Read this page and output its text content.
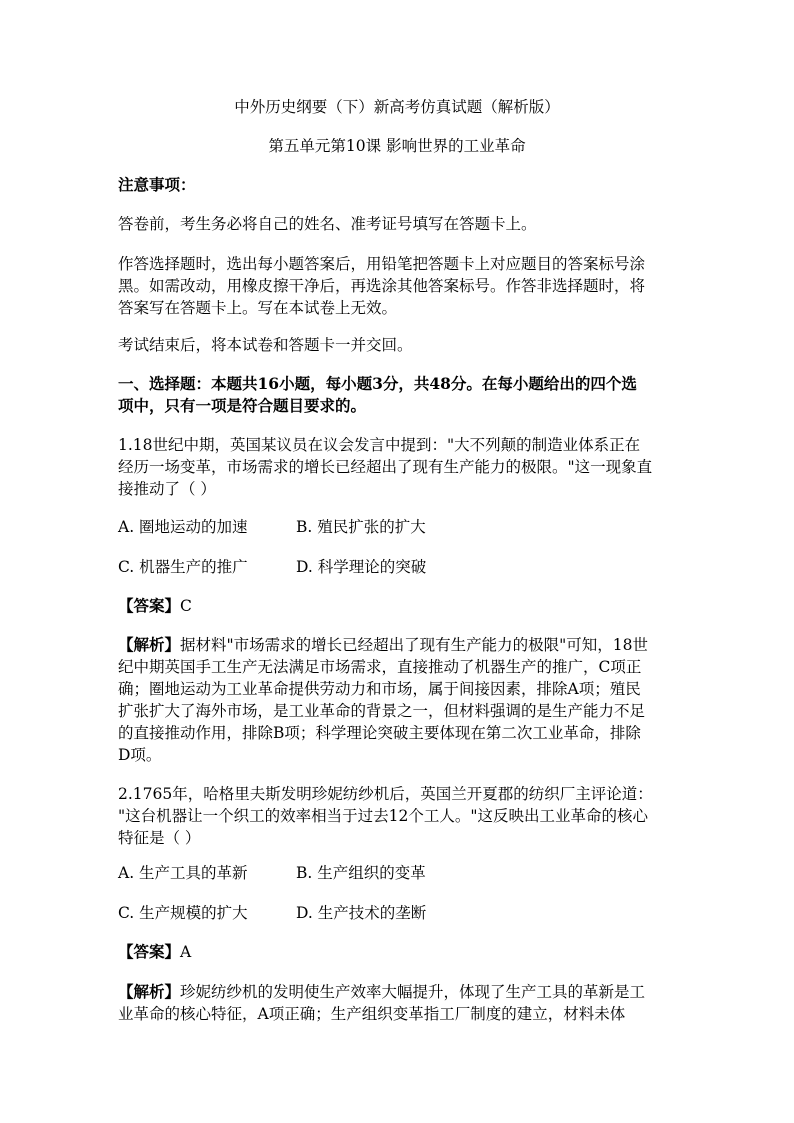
中外历史纲要（下）新高考仿真试题（解析版）
第五单元第10课 影响世界的工业革命
注意事项：
答卷前，考生务必将自己的姓名、准考证号填写在答题卡上。
作答选择题时，选出每小题答案后，用铅笔把答题卡上对应题目的答案标号涂
黑。如需改动，用橡皮擦干净后，再选涂其他答案标号。作答非选择题时，将
答案写在答题卡上。写在本试卷上无效。
考试结束后，将本试卷和答题卡一并交回。
一、选择题：本题共16小题，每小题3分，共48分。在每小题给出的四个选
项中，只有一项是符合题目要求的。
1.18世纪中期，英国某议员在议会发言中提到："大不列颠的制造业体系正在
经历一场变革，市场需求的增长已经超出了现有生产能力的极限。"这一现象直
接推动了（ ）
A. 圈地运动的加速	B. 殖民扩张的扩大
C. 机器生产的推广	D. 科学理论的突破
【答案】C
【解析】据材料"市场需求的增长已经超出了现有生产能力的极限"可知，18世
纪中期英国手工生产无法满足市场需求，直接推动了机器生产的推广，C项正
确；圈地运动为工业革命提供劳动力和市场，属于间接因素，排除A项；殖民
扩张扩大了海外市场，是工业革命的背景之一，但材料强调的是生产能力不足
的直接推动作用，排除B项；科学理论突破主要体现在第二次工业革命，排除
D项。
2.1765年，哈格里夫斯发明珍妮纺纱机后，英国兰开夏郡的纺织厂主评论道：
"这台机器让一个织工的效率相当于过去12个工人。"这反映出工业革命的核心
特征是（ ）
A. 生产工具的革新	B. 生产组织的变革
C. 生产规模的扩大	D. 生产技术的垄断
【答案】A
【解析】珍妮纺纱机的发明使生产效率大幅提升，体现了生产工具的革新是工
业革命的核心特征，A项正确；生产组织变革指工厂制度的建立，材料未体
